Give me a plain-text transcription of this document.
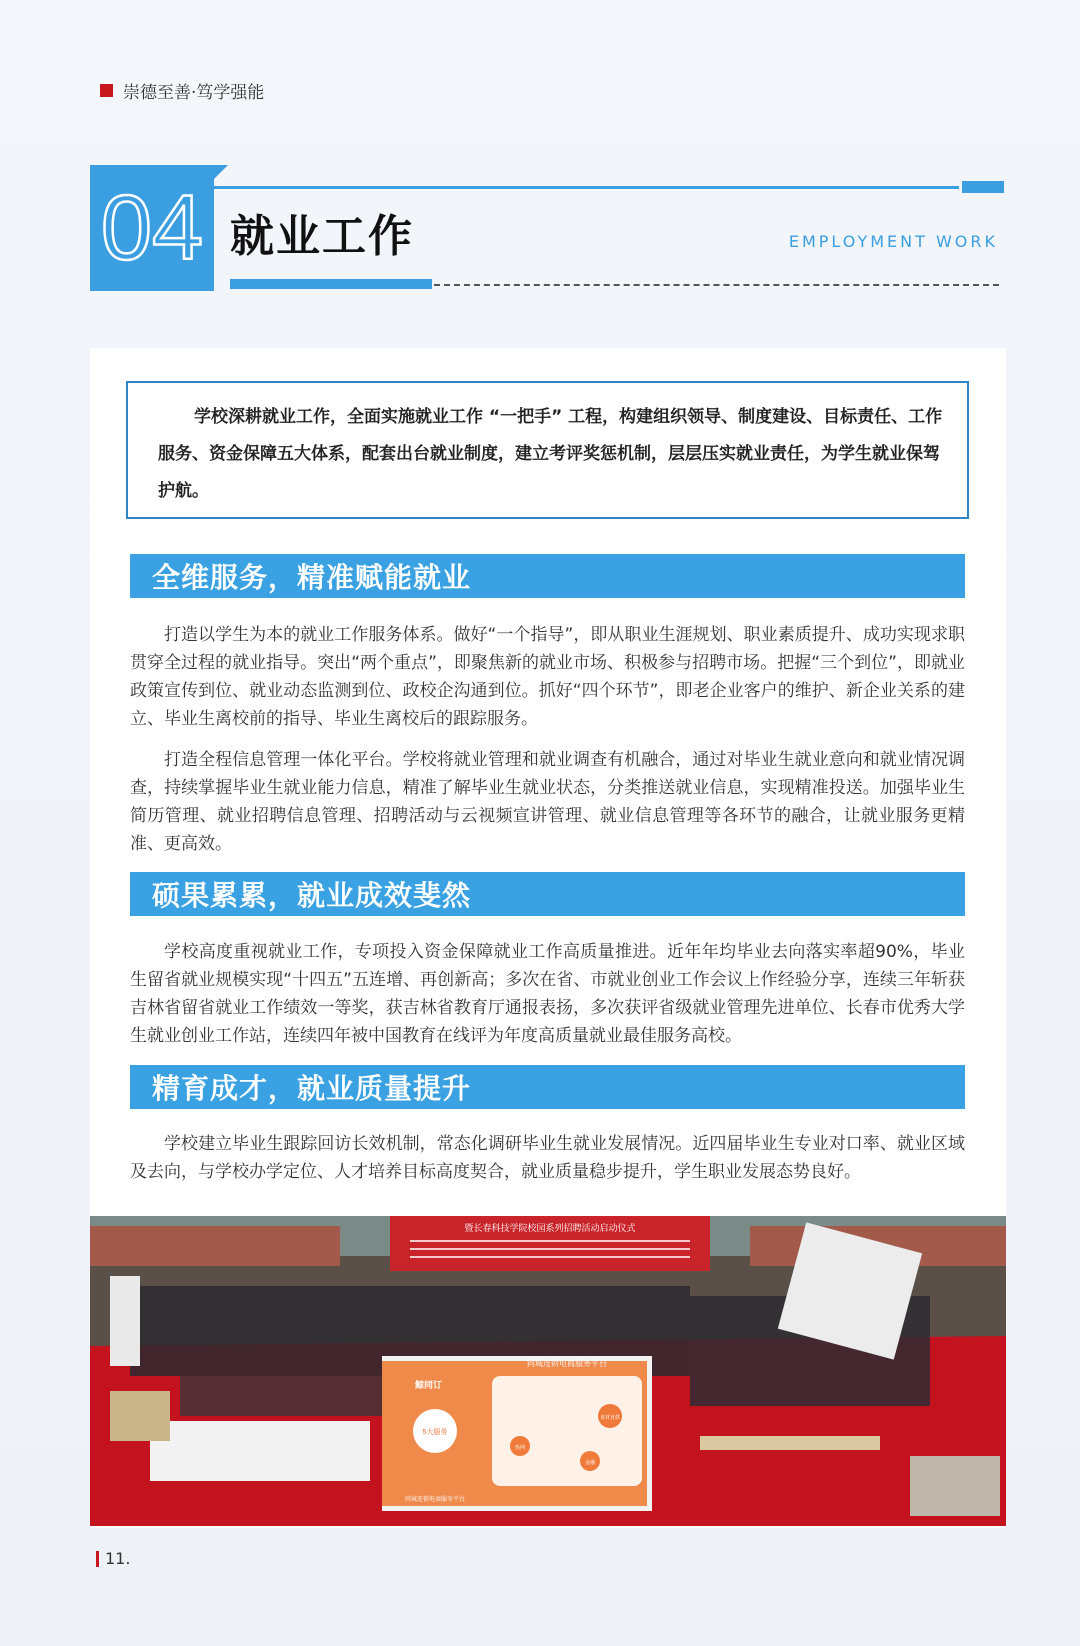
崇德至善·笃学强能
04 就业工作	EMPLOYMENT WORK
学校深耕就业工作，全面实施就业工作 “一把手” 工程，构建组织领导、制度建设、目标责任、工作服务、资金保障五大体系，配套出台就业制度，建立考评奖惩机制，层层压实就业责任，为学生就业保驾护航。
全维服务，精准赋能就业

打造以学生为本的就业工作服务体系。做好“一个指导”，即从职业生涯规划、职业素质提升、成功实现求职贯穿全过程的就业指导。突出“两个重点”，即聚焦新的就业市场、积极参与招聘市场。把握“三个到位”，即就业政策宣传到位、就业动态监测到位、政校企沟通到位。抓好“四个环节”，即老企业客户的维护、新企业关系的建立、毕业生离校前的指导、毕业生离校后的跟踪服务。

打造全程信息管理一体化平台。学校将就业管理和就业调查有机融合，通过对毕业生就业意向和就业情况调查，持续掌握毕业生就业能力信息，精准了解毕业生就业状态，分类推送就业信息，实现精准投送。加强毕业生简历管理、就业招聘信息管理、招聘活动与云视频宣讲管理、就业信息管理等各环节的融合，让就业服务更精准、更高效。

硕果累累，就业成效斐然

学校高度重视就业工作，专项投入资金保障就业工作高质量推进。近年年均毕业去向落实率超90%，毕业生留省就业规模实现“十四五”五连增、再创新高；多次在省、市就业创业工作会议上作经验分享，连续三年斩获吉林省留省就业工作绩效一等奖，获吉林省教育厅通报表扬，多次获评省级就业管理先进单位、长春市优秀大学生就业创业工作站，连续四年被中国教育在线评为年度高质量就业最佳服务高校。

精育成才，就业质量提升

学校建立毕业生跟踪回访长效机制，常态化调研毕业生就业发展情况。近四届毕业生专业对口率、就业区域及去向，与学校办学定位、人才培养目标高度契合，就业质量稳步提升，学生职业发展态势良好。

暨长春科技学院校园系列招聘活动启动仪式
同城连锁电商服务平台
鲸同订
5大服务
食材直供
热网
金融
同城连锁电商服务平台
11.
